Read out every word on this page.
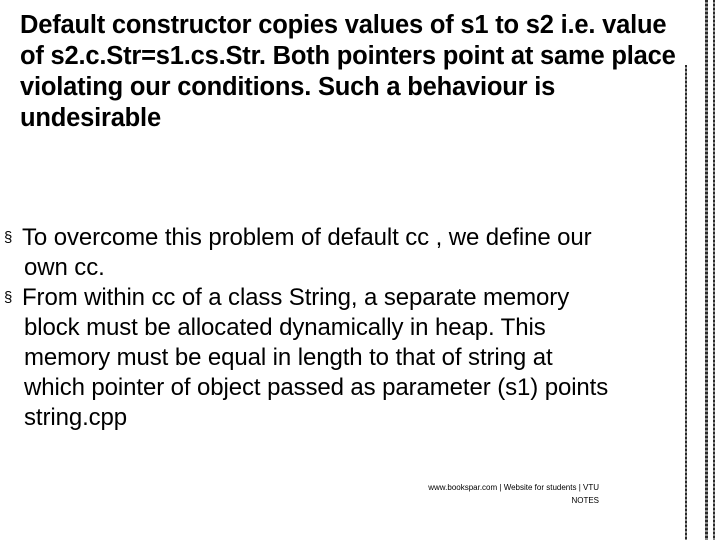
Default constructor copies values of s1 to s2 i.e. value
of s2.c.Str=s1.cs.Str. Both pointers point at same place
violating our conditions. Such a behaviour is
undesirable
§ To overcome this problem of default cc , we define our
own cc.
§ From within cc of a class String, a separate memory
block must be allocated dynamically in heap. This
memory must be equal in length to that of string at
which pointer of object passed as parameter (s1) points
string.cpp
www.bookspar.com | Website for students | VTU
NOTES
